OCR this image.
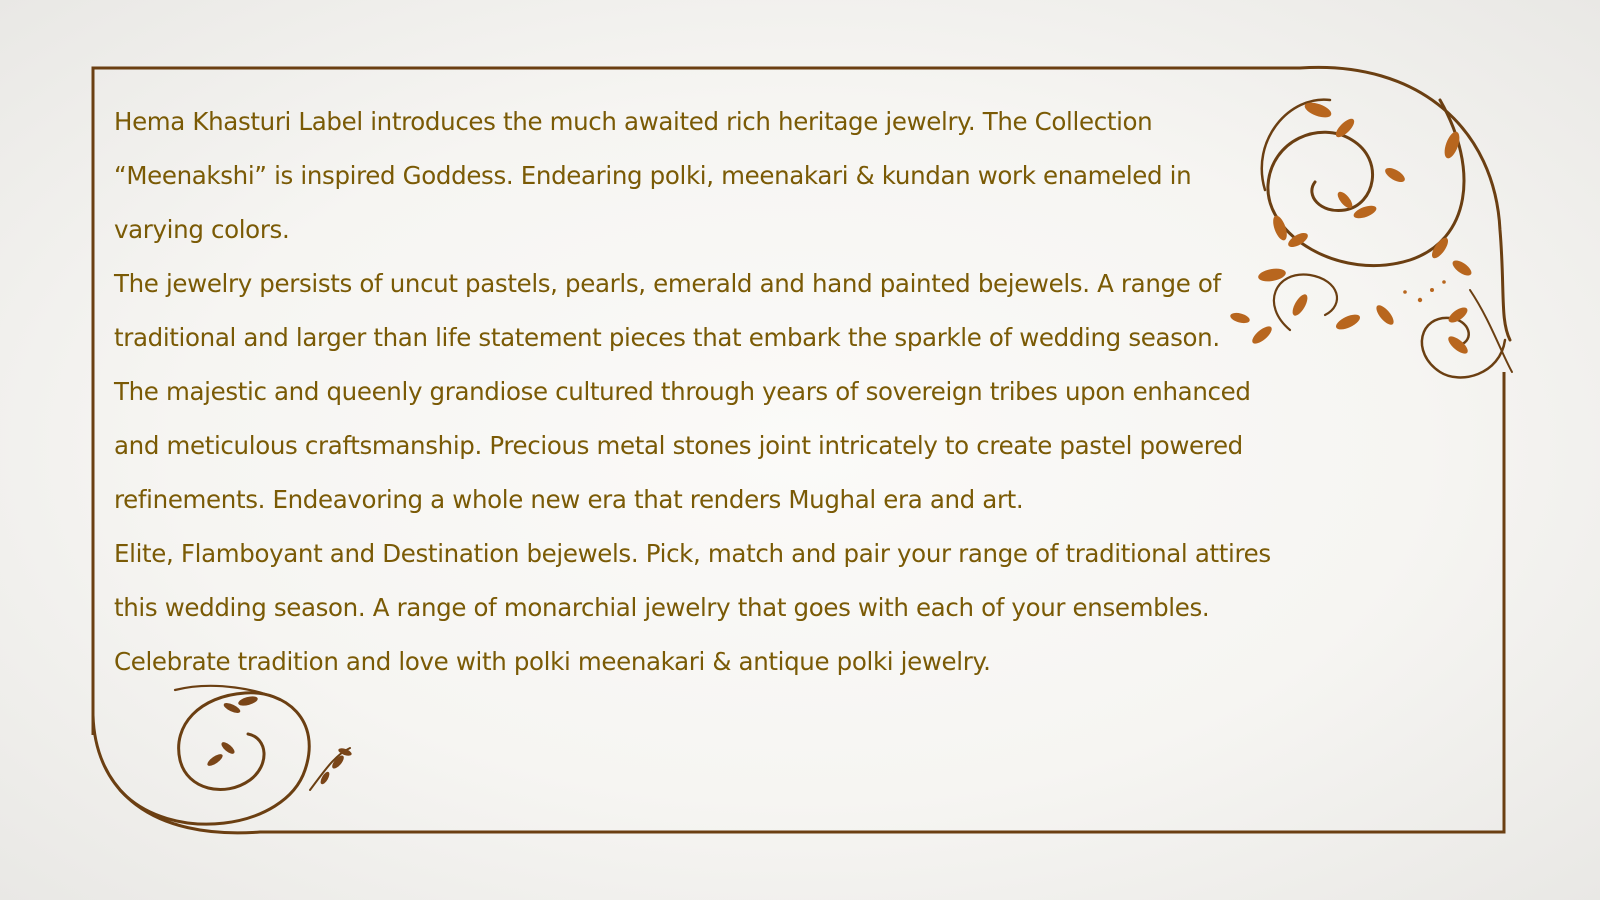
Hema Khasturi Label introduces the much awaited rich heritage jewelry. The Collection

“Meenakshi” is inspired Goddess. Endearing polki, meenakari & kundan work enameled in

varying colors.

The jewelry persists of uncut pastels, pearls, emerald and hand painted bejewels. A range of

traditional and larger than life statement pieces that embark the sparkle of wedding season.

The majestic and queenly grandiose cultured through years of sovereign tribes upon enhanced

and meticulous craftsmanship. Precious metal stones joint intricately to create pastel powered

refinements. Endeavoring a whole new era that renders Mughal era and art.

Elite, Flamboyant and Destination bejewels. Pick, match and pair your range of traditional attires

this wedding season. A range of monarchial jewelry that goes with each of your ensembles.

Celebrate tradition and love with polki meenakari & antique polki jewelry.
